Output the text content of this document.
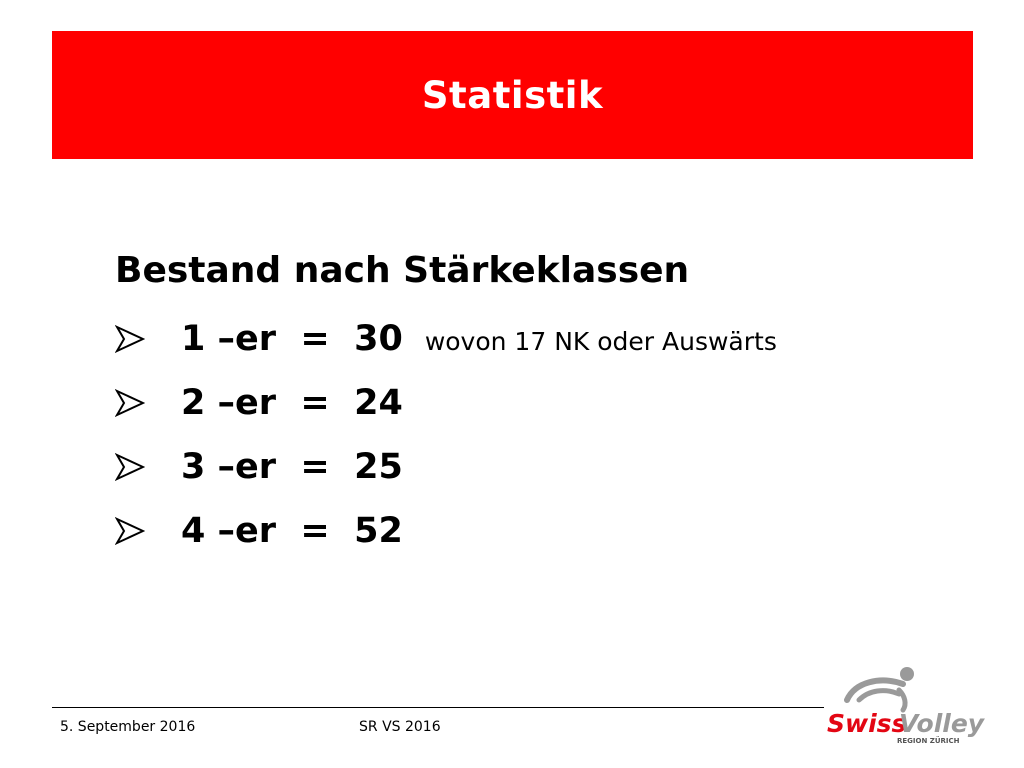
Statistik
Bestand nach Stärkeklassen
1 –er  =  30 wovon 17 NK oder Auswärts
2 –er  =  24
3 –er  =  25
4 –er  =  52
5. September 2016	SR VS 2016	Swiss
Volley
REGION ZÜRICH
